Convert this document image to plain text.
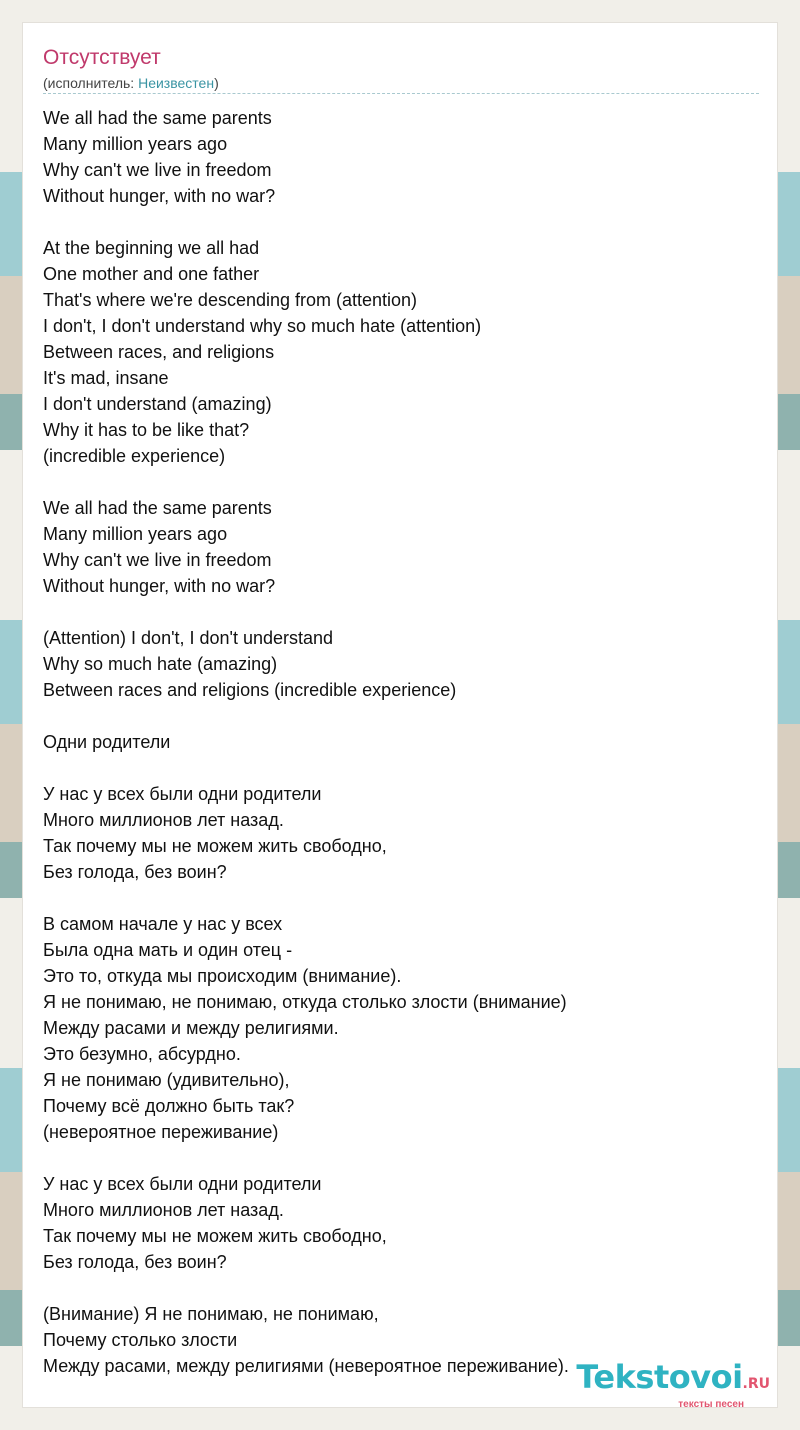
Отсутствует
(исполнитель: Неизвестен)
We all had the same parents
Many million years ago
Why can't we live in freedom
Without hunger, with no war?
At the beginning we all had
One mother and one father
That's where we're descending from (attention)
I don't, I don't understand why so much hate (attention)
Between races, and religions
It's mad, insane
I don't understand (amazing)
Why it has to be like that?
(incredible experience)
We all had the same parents
Many million years ago
Why can't we live in freedom
Without hunger, with no war?
(Attention) I don't, I don't understand
Why so much hate (amazing)
Between races and religions (incredible experience)
Одни родители
У нас у всех были одни родители
Много миллионов лет назад.
Так почему мы не можем жить свободно,
Без голода, без воин?
В самом начале у нас у всех
Была одна мать и один отец -
Это то, откуда мы происходим (внимание).
Я не понимаю, не понимаю, откуда столько злости (внимание)
Между расами и между религиями.
Это безумно, абсурдно.
Я не понимаю (удивительно),
Почему всё должно быть так?
(невероятное переживание)
У нас у всех были одни родители
Много миллионов лет назад.
Так почему мы не можем жить свободно,
Без голода, без воин?
(Внимание) Я не понимаю, не понимаю,
Почему столько злости
Между расами, между религиями (невероятное переживание). Tekstovoi.RU
тексты песен
